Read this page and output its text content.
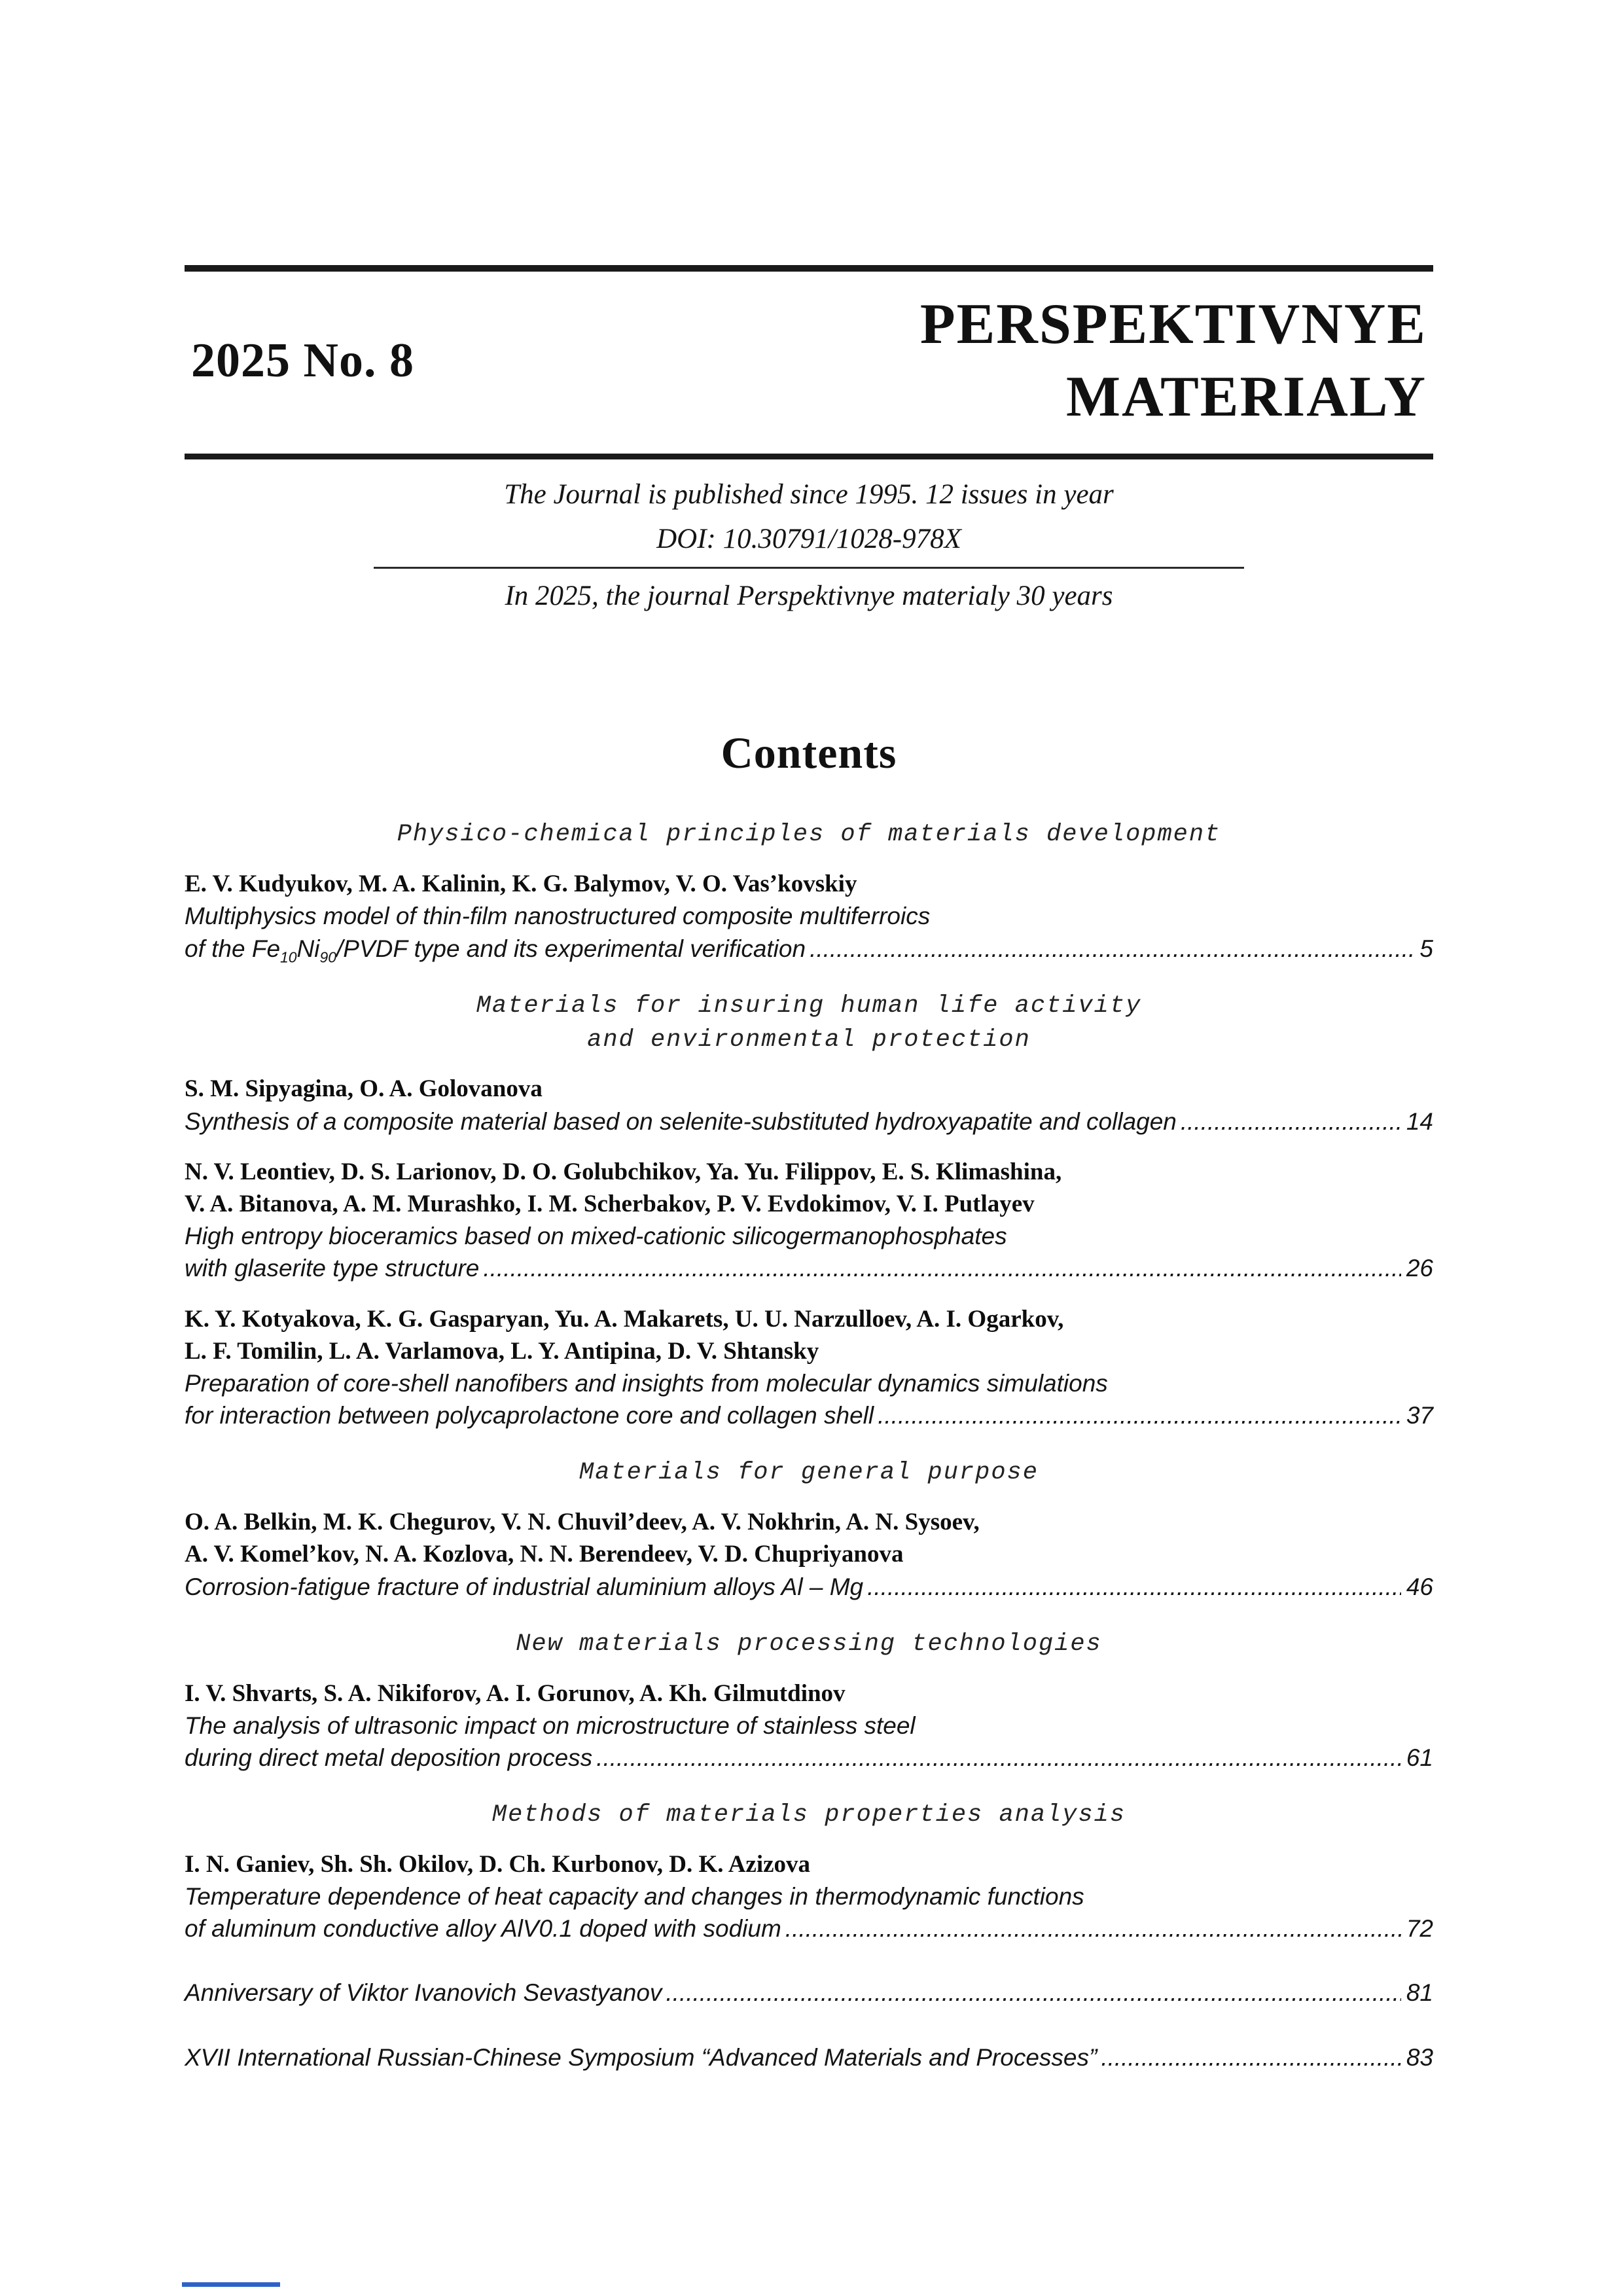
2025 No. 8
PERSPEKTIVNYE
MATERIALY
The Journal is published since 1995. 12 issues in year
DOI: 10.30791/1028-978X
In 2025, the journal Perspektivnye materialy 30 years
Contents
Physico-chemical principles of materials development
E. V. Kudyukov, M. A. Kalinin, K. G. Balymov, V. O. Vas’kovskiy
Multiphysics model of thin-film nanostructured composite multiferroics
of the $Fe_{10}Ni_{90}$/PVDF type and its experimental verification .....	5
Materials for insuring human life activity
and environmental protection
S. M. Sipyagina, O. A. Golovanova
Synthesis of a composite material based on selenite-substituted hydroxyapatite and collagen .....	14
N. V. Leontiev, D. S. Larionov, D. O. Golubchikov, Ya. Yu. Filippov, E. S. Klimashina,
V. A. Bitanova, A. M. Murashko, I. M. Scherbakov, P. V. Evdokimov, V. I. Putlayev
High entropy bioceramics based on mixed-cationic silicogermanophosphates
with glaserite type structure .....	26
K. Y. Kotyakova, K. G. Gasparyan, Yu. A. Makarets, U. U. Narzulloev, A. I. Ogarkov,
L. F. Tomilin, L. A. Varlamova, L. Y. Antipina, D. V. Shtansky
Preparation of core-shell nanofibers and insights from molecular dynamics simulations
for interaction between polycaprolactone core and collagen shell .....	37
Materials for general purpose
O. A. Belkin, M. K. Chegurov, V. N. Chuvil’deev, A. V. Nokhrin, A. N. Sysoev,
A. V. Komel’kov, N. A. Kozlova, N. N. Berendeev, V. D. Chupriyanova
Corrosion-fatigue fracture of industrial aluminium alloys Al – Mg .....	46
New materials processing technologies
I. V. Shvarts, S. A. Nikiforov, A. I. Gorunov, A. Kh. Gilmutdinov
The analysis of ultrasonic impact on microstructure of stainless steel
during direct metal deposition process .....	61
Methods of materials properties analysis
I. N. Ganiev, Sh. Sh. Okilov, D. Ch. Kurbonov, D. K. Azizova
Temperature dependence of heat capacity and changes in thermodynamic functions
of aluminum conductive alloy AlV0.1 doped with sodium .....	72
Anniversary of Viktor Ivanovich Sevastyanov .....	81
XVII International Russian-Chinese Symposium “Advanced Materials and Processes” .....	83
